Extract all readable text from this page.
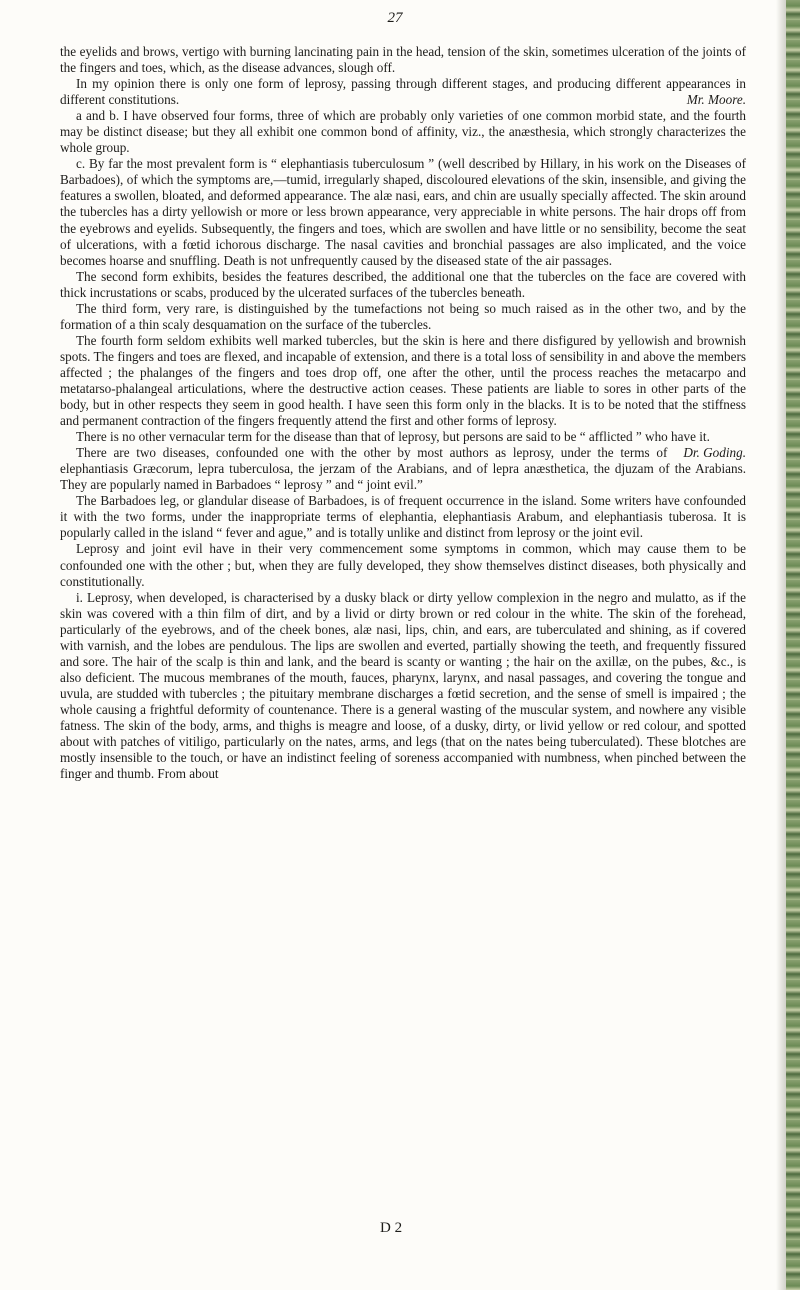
27

the eyelids and brows, vertigo with burning lancinating pain in the head, tension of the skin, sometimes ulceration of the joints of the fingers and toes, which, as the disease advances, slough off.

In my opinion there is only one form of leprosy, passing through different stages, and producing different appearances in different constitutions.	Mr. Moore.

a and b. I have observed four forms, three of which are probably only varieties of one common morbid state, and the fourth may be distinct disease; but they all exhibit one common bond of affinity, viz., the anæsthesia, which strongly characterizes the whole group.

c. By far the most prevalent form is “ elephantiasis tuberculosum ” (well described by Hillary, in his work on the Diseases of Barbadoes), of which the symptoms are,—tumid, irregularly shaped, discoloured elevations of the skin, insensible, and giving the features a swollen, bloated, and deformed appearance. The alæ nasi, ears, and chin are usually specially affected. The skin around the tubercles has a dirty yellowish or more or less brown appearance, very appreciable in white persons. The hair drops off from the eyebrows and eyelids. Subsequently, the fingers and toes, which are swollen and have little or no sensibility, become the seat of ulcerations, with a fœtid ichorous discharge. The nasal cavities and bronchial passages are also implicated, and the voice becomes hoarse and snuffling. Death is not unfrequently caused by the diseased state of the air passages.

The second form exhibits, besides the features described, the additional one that the tubercles on the face are covered with thick incrustations or scabs, produced by the ulcerated surfaces of the tubercles beneath.

The third form, very rare, is distinguished by the tumefactions not being so much raised as in the other two, and by the formation of a thin scaly desquamation on the surface of the tubercles.

The fourth form seldom exhibits well marked tubercles, but the skin is here and there disfigured by yellowish and brownish spots. The fingers and toes are flexed, and incapable of extension, and there is a total loss of sensibility in and above the members affected ; the phalanges of the fingers and toes drop off, one after the other, until the process reaches the metacarpo and metatarso-phalangeal articulations, where the destructive action ceases. These patients are liable to sores in other parts of the body, but in other respects they seem in good health. I have seen this form only in the blacks. It is to be noted that the stiffness and permanent contraction of the fingers frequently attend the first and other forms of leprosy.

There is no other vernacular term for the disease than that of leprosy, but persons are said to be “ afflicted ” who have it.
Dr. Goding.

There are two diseases, confounded one with the other by most authors as leprosy, under the terms of elephantiasis Græcorum, lepra tuberculosa, the jerzam of the Arabians, and of lepra anæsthetica, the djuzam of the Arabians. They are popularly named in Barbadoes “ leprosy ” and “ joint evil.”

The Barbadoes leg, or glandular disease of Barbadoes, is of frequent occurrence in the island. Some writers have confounded it with the two forms, under the inappropriate terms of elephantia, elephantiasis Arabum, and elephantiasis tuberosa. It is popularly called in the island “ fever and ague,” and is totally unlike and distinct from leprosy or the joint evil.

Leprosy and joint evil have in their very commencement some symptoms in common, which may cause them to be confounded one with the other ; but, when they are fully developed, they show themselves distinct diseases, both physically and constitutionally.

i. Leprosy, when developed, is characterised by a dusky black or dirty yellow complexion in the negro and mulatto, as if the skin was covered with a thin film of dirt, and by a livid or dirty brown or red colour in the white. The skin of the forehead, particularly of the eyebrows, and of the cheek bones, alæ nasi, lips, chin, and ears, are tuberculated and shining, as if covered with varnish, and the lobes are pendulous. The lips are swollen and everted, partially showing the teeth, and frequently fissured and sore. The hair of the scalp is thin and lank, and the beard is scanty or wanting ; the hair on the axillæ, on the pubes, &c., is also deficient. The mucous membranes of the mouth, fauces, pharynx, larynx, and nasal passages, and covering the tongue and uvula, are studded with tubercles ; the pituitary membrane discharges a fœtid secretion, and the sense of smell is impaired ; the whole causing a frightful deformity of countenance. There is a general wasting of the muscular system, and nowhere any visible fatness. The skin of the body, arms, and thighs is meagre and loose, of a dusky, dirty, or livid yellow or red colour, and spotted about with patches of vitiligo, particularly on the nates, arms, and legs (that on the nates being tuberculated). These blotches are mostly insensible to the touch, or have an indistinct feeling of soreness accompanied with numbness, when pinched between the finger and thumb. From about

D 2
